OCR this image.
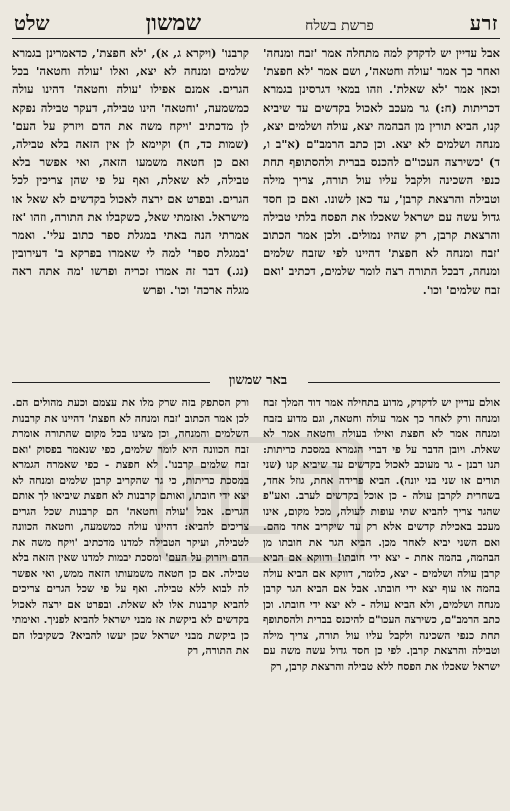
זרע
פרשת בשלח
שמשון
שלט

אבל עדיין יש לדקדק למה מתחלה אמר 'זבח ומנחה' ואחר כך אמר 'עולה וחטאה', ושם אמר 'לא חפצת' וכאן אמר 'לא שאלת'. וזהו במאי דגרסינן בגמרא דכריתות (ח:) גר מעכב לאכול בקדשים עד שיביא קנו, הביא תורין מן הבהמה יצא, עולה ושלמים יצא, מנחה ושלמים לא יצא. וכן כתב הרמב"ם (א"ב ו, ד) 'כשירצה העכו"ם להכנס בברית ולהסתופף תחת כנפי השכינה ולקבל עליו עול תורה, צריך מילה וטבילה והרצאת קרבן', עד כאן לשונו. ואם כן חסד גדול עשה עם ישראל שאכלו את הפסח בלתי טבילה והרצאת קרבן, רק שהיו נמולים. ולכן אמר הכתוב 'זבח ומנחה לא חפצת' דהיינו לפי שזבח שלמים ומנחה, דבכל התורה רצה לומר שלמים, דכתיב 'ואם זבח שלמים' וכו'.

קרבנו' (ויקרא ג, א), 'לא חפצת', כדאמרינן בגמרא שלמים ומנחה לא יצא, ואלו 'עולה וחטאה' בכל הגרים. אמנם אפילו 'עולה וחטאה' דהינו עולה כמשמעה, 'וחטאה' הינו טבילה, דעקר טבילה נפקא לן מדכתיב 'ויקח משה את הדם ויזרק על העם' (שמות כד, ח) וקיימא לן אין הזאה בלא טבילה, ואם כן חטאה משמעו הזאה, ואי אפשר בלא טבילה, לא שאלת, ואף על פי שהן צריכין לכל הגרים. ובפרט אם ירצה לאכול בקדשים לא שאל או מישראל. ואזמתי שאל, כשקבלו את התורה, וזהו 'אז אמרתי הנה באתי במגלת ספר כתוב עלי'. ואמר 'במגלת ספר' למה לי שאמרו בפרקא ב' דעירובין (נג.) דבר זה אמרו זכריה ופרשו 'מה אתה ראה מגלה ארכה' וכו'. ופרש

באר שמשון

אולם עדיין יש לדקדק, מדוע בתחילה אמר דוד המלך זבח ומנחה ורק לאחר כך אמר עולה וחטאה, וגם מדוע בזבח ומנחה אמר לא חפצת ואילו בעולה וחטאה אמר לא שאלת. ויובן הדבר על פי דברי הגמרא במסכת כריתות: תנו רבנן - גר מעוכב לאכול בקדשים עד שיביא קנו (שני תורים או שני בני יונה). הביא פרידה אחת, גוזל אחד, בשחרית לקרבן עולה - כן אוכל בקדשים לערב. ואע"פ שהגר צריך להביא שתי עופות לעולה, מכל מקום, אינו מעכב באכילת קדשים אלא רק עד שיקריב אחד מהם. ואם השני יביא לאחר מכן. הביא הגר את חובתו מן הבהמה, בהמה אחת - יצא ידי חובתו! ודווקא אם הביא קרבן עולה ושלמים - יצא, כלומר, דווקא אם הביא עולה בהמה או עוף יצא ידי חובתו. אבל אם הביא הגר קרבן מנחה ושלמים, ולא הביא עולה - לא יצא ידי חובתו. וכן כתב הרמב"ם, כשירצה העכו"ם להיכנס בברית ולהסתופף תחת כנפי השכינה ולקבל עליו עול תורה, צריך מילה וטבילה והרצאת קרבן. לפי כן חסד גדול עשה משה עם ישראל שאכלו את הפסח ללא טבילה והרצאת קרבן, רק

ורק הסתפק בזה שרק מלו את עצמם וכעת מהולים הם. לכן אמר הכתוב 'זבח ומנחה לא חפצת' דהיינו את קרבנות השלמים והמנחה, וכן מצינו בכל מקום שהתורה אומרת זבח הכוונה היא לומר שלמים, כפי שנאמר בפסוק 'ואם זבח שלמים קרבנו'. לא חפצת - כפי שאמרה הגמרא במסכת כריתות, כי גר שהקריב קרבן שלמים ומנחה לא יצא ידי חובתו, ואותם קרבנות לא חפצת שיביאו לך אותם הגרים. אבל 'עולה וחטאה' הם קרבנות שכל הגרים צריכים להביא: דהיינו עולה כמשמעה, וחטאה הכוונה לטבילה, ועיקר הטבילה למדנו מדכתיב 'ויקח משה את הדם ויזרוק על העם' ומסכת יבמות למדנו שאין הזאה בלא טבילה. אם כן חטאה משמעותו הזאה ממש, ואי אפשר לה לבוא ללא טבילה. ואף על פי שכל הגרים צריכים להביא קרבנות אלו לא שאלת. ובפרט אם ירצה לאכול בקדשים לא ביקשת אז מבני ישראל להביא לפניך. ואימתי כן ביקשת מבני ישראל שכן יעשו להביא? כשקיבלו הם את התורה, רק
